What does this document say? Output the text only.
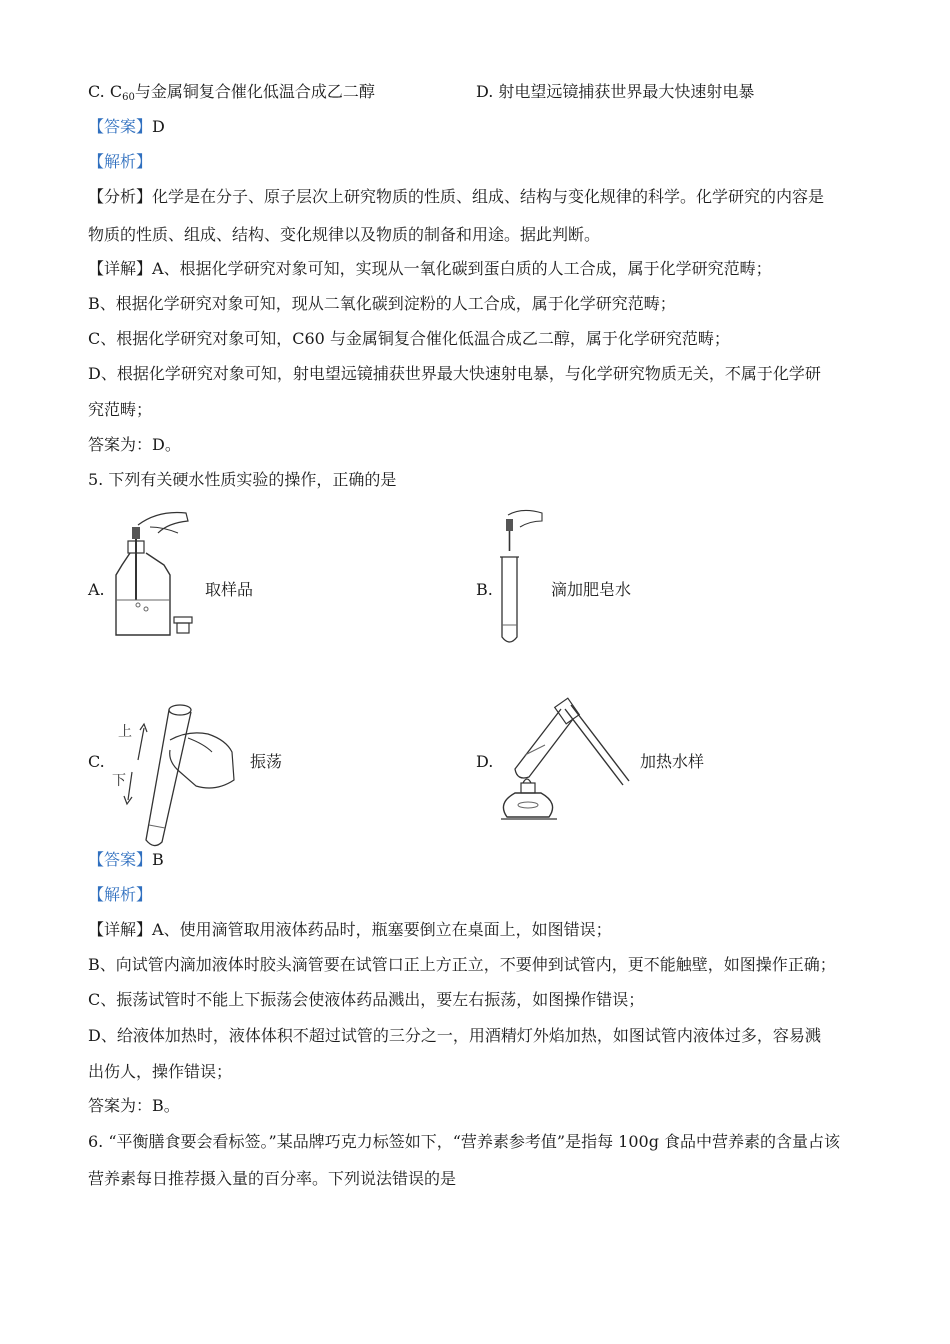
C. $C_{60}$与金属铜复合催化低温合成乙二醇	D. 射电望远镜捕获世界最大快速射电暴
【答案】D
【解析】
【分析】化学是在分子、原子层次上研究物质的性质、组成、结构与变化规律的科学。化学研究的内容是
物质的性质、组成、结构、变化规律以及物质的制备和用途。据此判断。
【详解】A、根据化学研究对象可知，实现从一氧化碳到蛋白质的人工合成，属于化学研究范畴；
B、根据化学研究对象可知，现从二氧化碳到淀粉的人工合成，属于化学研究范畴；
C、根据化学研究对象可知，C60 与金属铜复合催化低温合成乙二醇，属于化学研究范畴；
D、根据化学研究对象可知，射电望远镜捕获世界最大快速射电暴，与化学研究物质无关，不属于化学研
究范畴；
答案为：D。
5. 下列有关硬水性质实验的操作，正确的是
A.	取样品	B.	滴加肥皂水
C.
上
下
振荡	D.	加热水样
【答案】B
【解析】
【详解】A、使用滴管取用液体药品时，瓶塞要倒立在桌面上，如图错误；
B、向试管内滴加液体时胶头滴管要在试管口正上方正立，不要伸到试管内，更不能触壁，如图操作正确；
C、振荡试管时不能上下振荡会使液体药品溅出，要左右振荡，如图操作错误；
D、给液体加热时，液体体积不超过试管的三分之一，用酒精灯外焰加热，如图试管内液体过多，容易溅
出伤人，操作错误；
答案为：B。
6. “平衡膳食要会看标签。”某品牌巧克力标签如下，“营养素参考值”是指每 100g 食品中营养素的含量占该
营养素每日推荐摄入量的百分率。下列说法错误的是
